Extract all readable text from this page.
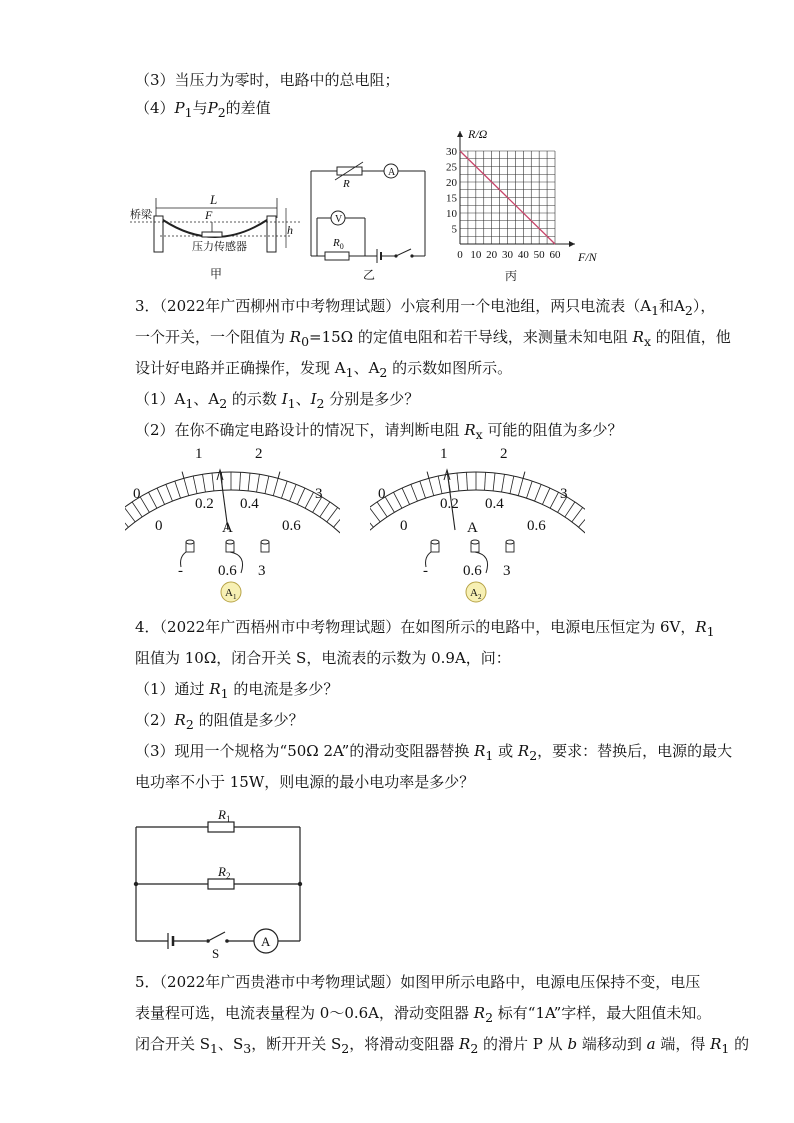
（3）当压力为零时，电路中的总电阻；
$(4)P_1$与$P_2$的差值
L
F
h
桥梁
压力传感器
甲
R
A
V
$R_0$
乙
30
25
20
15
10
5
0 10 20 30 40 50 60
R/Ω
F/N
丙
3．（2022年广西柳州市中考物理试题）小宸利用一个电池组，两只电流表（$A_1$和$A_2$），
一个开关，一个阻值为 $R_0=15\Omega$ 的定值电阻和若干导线，来测量未知电阻 $R_x$ 的阻值，他
设计好电路并正确操作，发现 $A_1$、$A_2$ 的示数如图所示。
$(1)A_1$、$A_2$ 的示数 $I_1$、$I_2$ 分别是多少？
（2）在你不确定电路设计的情况下，请判断电阻 $R_x$ 可能的阻值为多少？
0
1	2
3
0
0.2 0.4
0.6
A
- 0.6 3
$A_1$
0
1	2
3
0
0.2 0.4
0.6
A
- 0.6 3
$A_2$
4．（2022年广西梧州市中考物理试题）在如图所示的电路中，电源电压恒定为 6V，$R_1$
阻值为 10Ω，闭合开关 S，电流表的示数为 0.9A，问：
（1）通过 $R_1$ 的电流是多少？
$(2)R_2$ 的阻值是多少？
（3）现用一个规格为“50Ω 2A”的滑动变阻器替换 $R_1$ 或 $R_2$，要求：替换后，电源的最大
电功率不小于 15W，则电源的最小电功率是多少？
$R_1$
$R_2$
S
A
5．（2022年广西贵港市中考物理试题）如图甲所示电路中，电源电压保持不变，电压
表量程可选，电流表量程为 0～0.6A，滑动变阻器 $R_2$ 标有“1A”字样，最大阻值未知。
闭合开关 $S_1$、$S_3$，断开开关 $S_2$，将滑动变阻器 $R_2$ 的滑片 P 从 b 端移动到 a 端，得 $R_1$ 的
